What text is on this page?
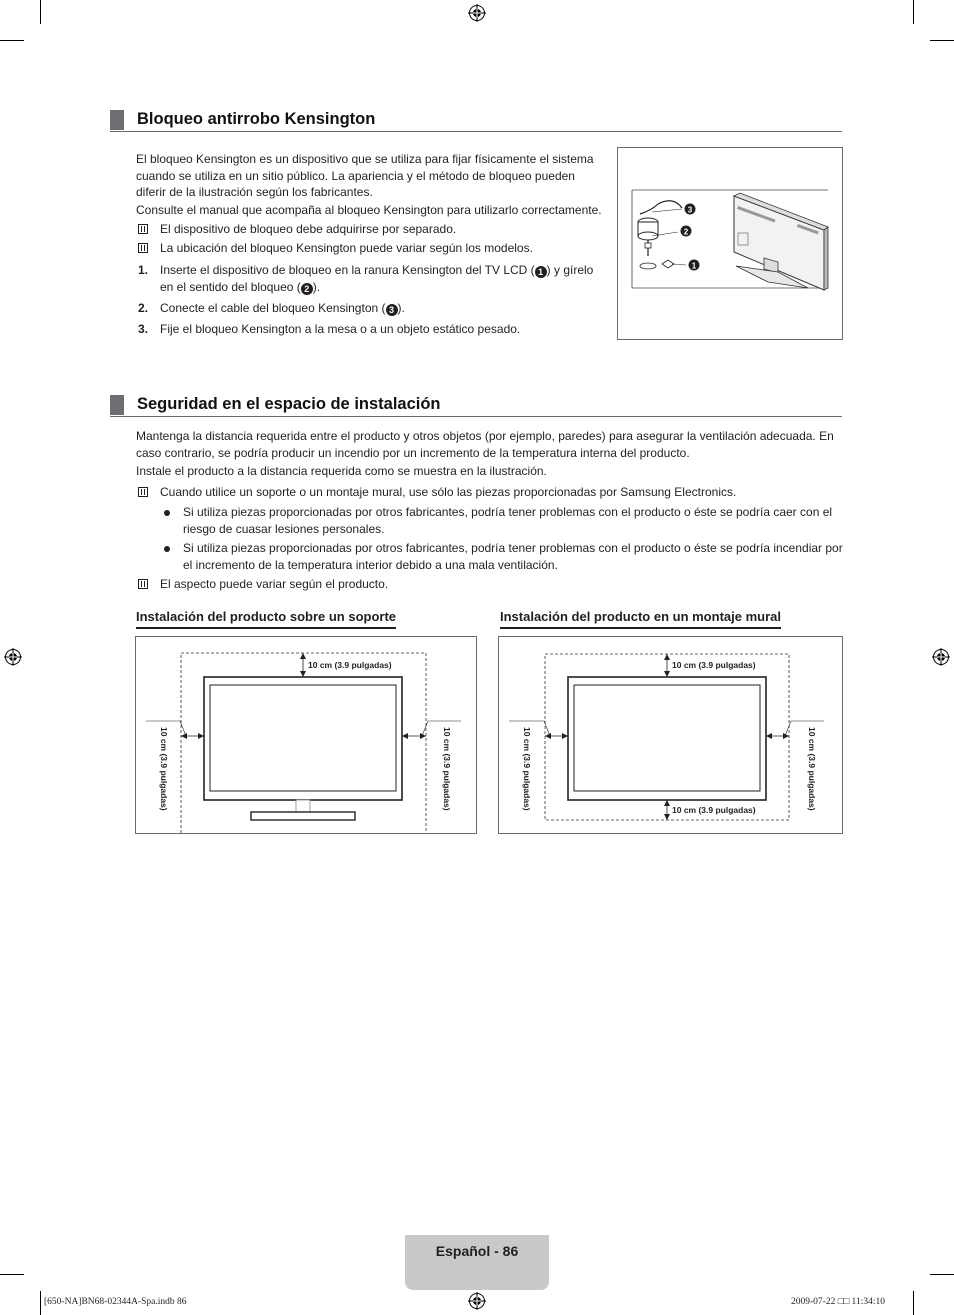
Bloqueo antirrobo Kensington

El bloqueo Kensington es un dispositivo que se utiliza para fijar físicamente el sistema cuando se utiliza en un sitio público. La apariencia y el método de bloqueo pueden diferir de la ilustración según los fabricantes.

Consulte el manual que acompaña al bloqueo Kensington para utilizarlo correctamente.

El dispositivo de bloqueo debe adquirirse por separado.
La ubicación del bloqueo Kensington puede variar según los modelos.
1. Inserte el dispositivo de bloqueo en la ranura Kensington del TV LCD ( 1 ) y gírelo en el sentido del bloqueo ( 2 ).
2. Conecte el cable del bloqueo Kensington ( 3 ).
3. Fije el bloqueo Kensington a la mesa o a un objeto estático pesado.
3
2
1
Seguridad en el espacio de instalación

Mantenga la distancia requerida entre el producto y otros objetos (por ejemplo, paredes) para asegurar la ventilación adecuada. En caso contrario, se podría producir un incendio por un incremento de la temperatura interna del producto.

Instale el producto a la distancia requerida como se muestra en la ilustración.

Cuando utilice un soporte o un montaje mural, use sólo las piezas proporcionadas por Samsung Electronics.
Si utiliza piezas proporcionadas por otros fabricantes, podría tener problemas con el producto o éste se podría caer con el riesgo de cuasar lesiones personales.
Si utiliza piezas proporcionadas por otros fabricantes, podría tener problemas con el producto o éste se podría incendiar por el incremento de la temperatura interior debido a una mala ventilación.
El aspecto puede variar según el producto.
Instalación del producto sobre un soporte	Instalación del producto en un montaje mural
10 cm (3.9 pulgadas)
10 cm (3.9 pulgadas)	10 cm (3.9 pulgadas)
10 cm (3.9 pulgadas)
10 cm (3.9 pulgadas)
10 cm (3.9 pulgadas)	10 cm (3.9 pulgadas)
Español - 86
[650-NA]BN68-02344A-Spa.indb 86	2009-07-22 □□ 11:34:10
